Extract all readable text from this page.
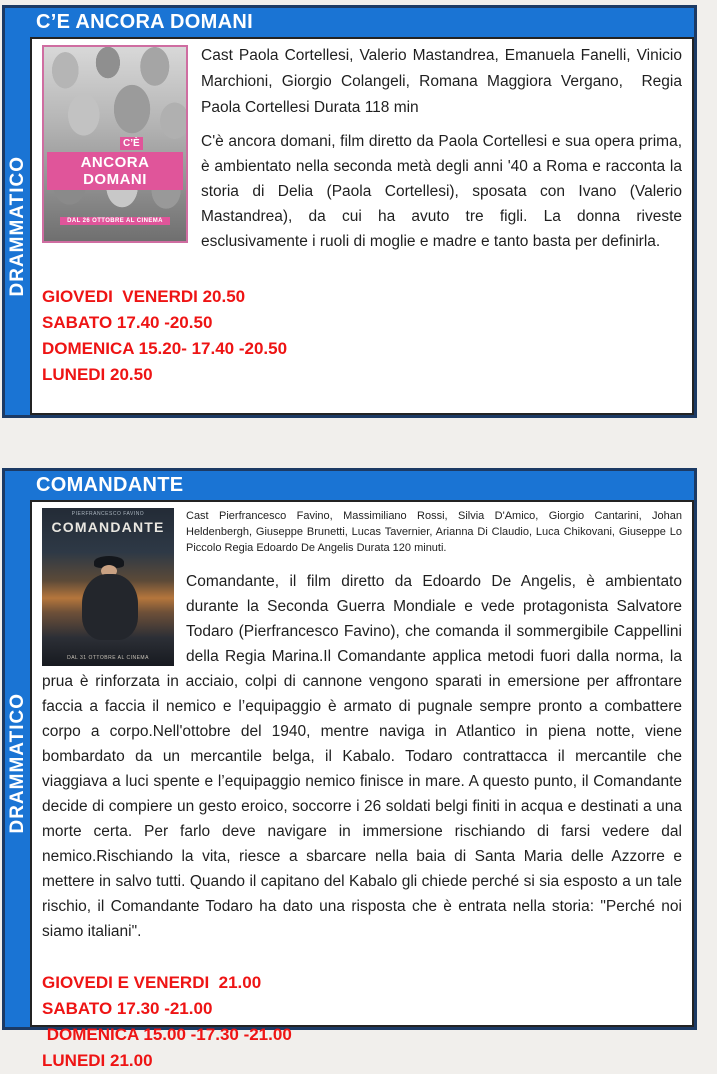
C’E ANCORA DOMANI
DRAMMATICO
C’È
ANCORA DOMANI
DAL 26 OTTOBRE AL CINEMA

Cast Paola Cortellesi, Valerio Mastandrea, Emanuela Fanelli, Vinicio Marchioni, Giorgio Colangeli, Romana Maggiora Vergano,  Regia Paola Cortellesi Durata 118 min

C'è ancora domani, film diretto da Paola Cortellesi e sua opera prima, è ambientato nella seconda metà degli anni '40 a Roma e racconta la storia di Delia (Paola Cortellesi), sposata con Ivano (Valerio Mastandrea), da cui ha avuto tre figli. La donna riveste esclusivamente i ruoli di moglie e madre e tanto basta per definirla.

GIOVEDI  VENERDI 20.50
SABATO 17.40 -20.50
DOMENICA 15.20- 17.40 -20.50
LUNEDI 20.50
COMANDANTE
DRAMMATICO
PIERFRANCESCO FAVINO
COMANDANTE
DAL 31 OTTOBRE AL CINEMA

Cast Pierfrancesco Favino, Massimiliano Rossi, Silvia D'Amico, Giorgio Cantarini, Johan Heldenbergh, Giuseppe Brunetti, Lucas Tavernier, Arianna Di Claudio, Luca Chikovani, Giuseppe Lo Piccolo Regia Edoardo De Angelis Durata 120 minuti.

Comandante, il film diretto da Edoardo De Angelis, è ambientato durante la Seconda Guerra Mondiale e vede protagonista Salvatore Todaro (Pierfrancesco Favino), che comanda il sommergibile Cappellini della Regia Marina.Il Comandante applica metodi fuori dalla norma, la prua è rinforzata in acciaio, colpi di cannone vengono sparati in emersione per affrontare faccia a faccia il nemico e l’equipaggio è armato di pugnale sempre pronto a combattere corpo a corpo.Nell'ottobre del 1940, mentre naviga in Atlantico in piena notte, viene bombardato da un mercantile belga, il Kabalo. Todaro contrattacca il mercantile che viaggiava a luci spente e l’equipaggio nemico finisce in mare. A questo punto, il Comandante decide di compiere un gesto eroico, soccorre i 26 soldati belgi finiti in acqua e destinati a una morte certa. Per farlo deve navigare in immersione rischiando di farsi vedere dal nemico.Rischiando la vita, riesce a sbarcare nella baia di Santa Maria delle Azzorre e mettere in salvo tutti. Quando il capitano del Kabalo gli chiede perché si sia esposto a un tale rischio, il Comandante Todaro ha dato una risposta che è entrata nella storia: "Perché noi siamo italiani".

GIOVEDI E VENERDI  21.00
SABATO 17.30 -21.00
DOMENICA 15.00 -17.30 -21.00
LUNEDI 21.00
